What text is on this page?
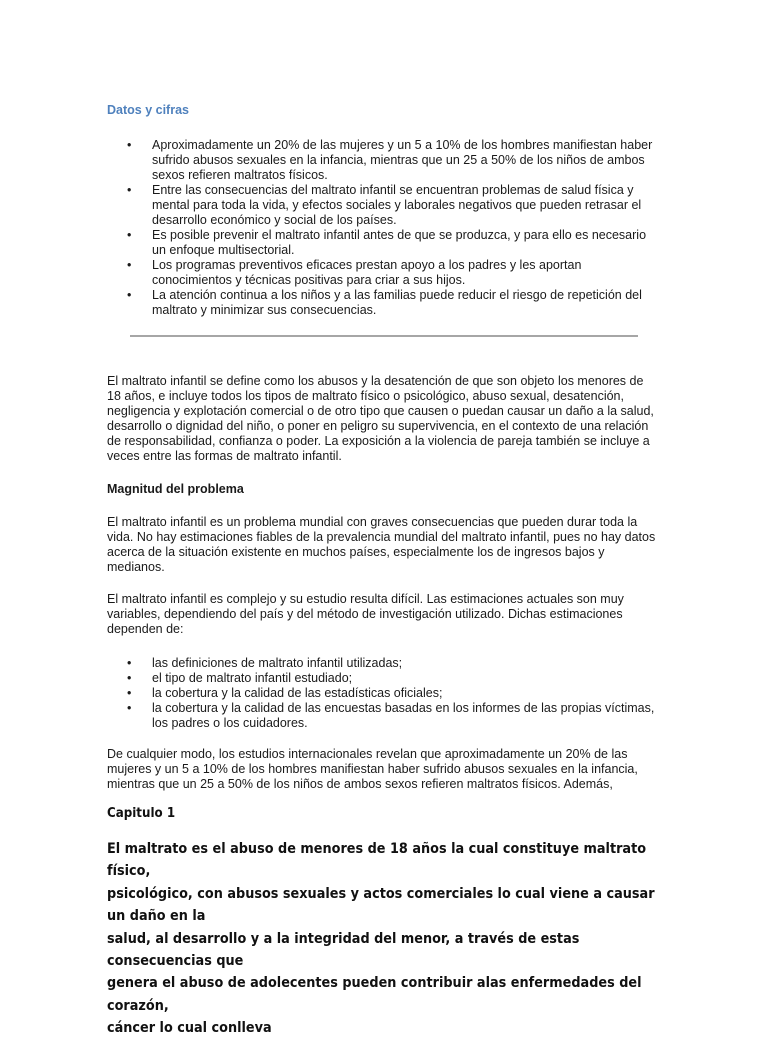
Datos y cifras
• Aproximadamente un 20% de las mujeres y un 5 a 10% de los hombres manifiestan haber sufrido abusos sexuales en la infancia, mientras que un 25 a 50% de los niños de ambos sexos refieren maltratos físicos.
• Entre las consecuencias del maltrato infantil se encuentran problemas de salud física y mental para toda la vida, y efectos sociales y laborales negativos que pueden retrasar el desarrollo económico y social de los países.
• Es posible prevenir el maltrato infantil antes de que se produzca, y para ello es necesario un enfoque multisectorial.
• Los programas preventivos eficaces prestan apoyo a los padres y les aportan conocimientos y técnicas positivas para criar a sus hijos.
• La atención continua a los niños y a las familias puede reducir el riesgo de repetición del maltrato y minimizar sus consecuencias.

El maltrato infantil se define como los abusos y la desatención de que son objeto los menores de 18 años, e incluye todos los tipos de maltrato físico o psicológico, abuso sexual, desatención, negligencia y explotación comercial o de otro tipo que causen o puedan causar un daño a la salud, desarrollo o dignidad del niño, o poner en peligro su supervivencia, en el contexto de una relación de responsabilidad, confianza o poder. La exposición a la violencia de pareja también se incluye a veces entre las formas de maltrato infantil.

Magnitud del problema

El maltrato infantil es un problema mundial con graves consecuencias que pueden durar toda la vida. No hay estimaciones fiables de la prevalencia mundial del maltrato infantil, pues no hay datos acerca de la situación existente en muchos países, especialmente los de ingresos bajos y medianos.

El maltrato infantil es complejo y su estudio resulta difícil. Las estimaciones actuales son muy variables, dependiendo del país y del método de investigación utilizado. Dichas estimaciones dependen de:

• las definiciones de maltrato infantil utilizadas;
• el tipo de maltrato infantil estudiado;
• la cobertura y la calidad de las estadísticas oficiales;
• la cobertura y la calidad de las encuestas basadas en los informes de las propias víctimas, los padres o los cuidadores.

De cualquier modo, los estudios internacionales revelan que aproximadamente un 20% de las mujeres y un 5 a 10% de los hombres manifiestan haber sufrido abusos sexuales en la infancia, mientras que un 25 a 50% de los niños de ambos sexos refieren maltratos físicos. Además,

Capitulo 1

El maltrato es el abuso de menores de 18 años la cual constituye maltrato físico,
psicológico, con abusos sexuales y actos comerciales lo cual viene a causar un daño en la
salud, al desarrollo y a la integridad del menor, a través de estas consecuencias que
genera el abuso de adolecentes pueden contribuir alas enfermedades del corazón,
cáncer lo cual conlleva
